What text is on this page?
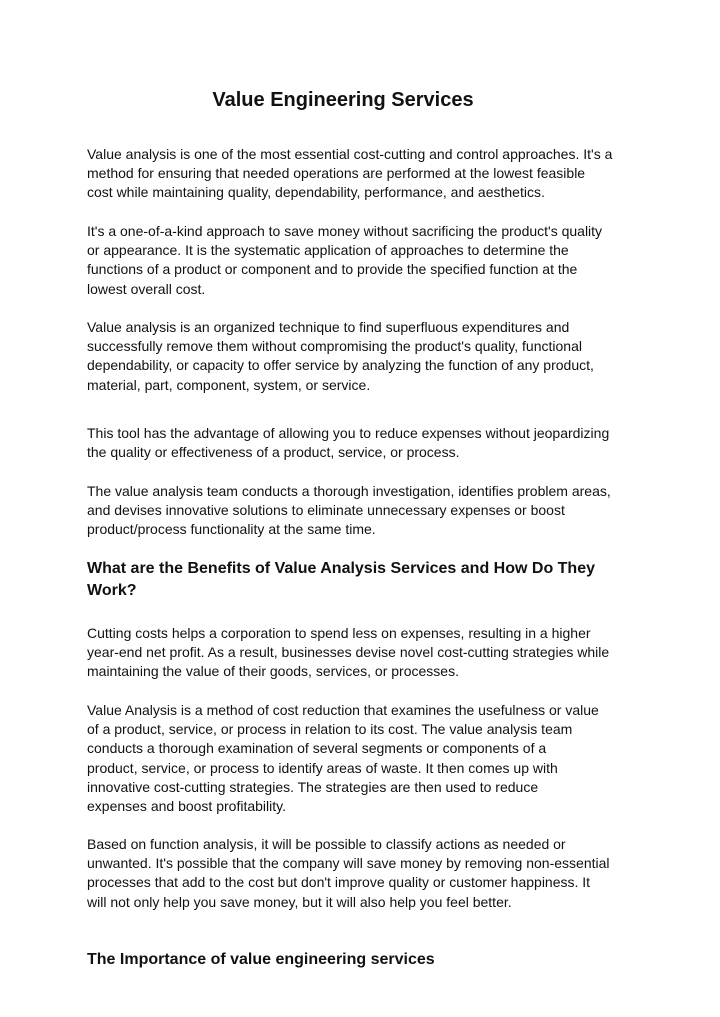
Value Engineering Services

Value analysis is one of the most essential cost-cutting and control approaches. It's a
method for ensuring that needed operations are performed at the lowest feasible
cost while maintaining quality, dependability, performance, and aesthetics.

It's a one-of-a-kind approach to save money without sacrificing the product's quality
or appearance. It is the systematic application of approaches to determine the
functions of a product or component and to provide the specified function at the
lowest overall cost.

Value analysis is an organized technique to find superfluous expenditures and
successfully remove them without compromising the product's quality, functional
dependability, or capacity to offer service by analyzing the function of any product,
material, part, component, system, or service.

This tool has the advantage of allowing you to reduce expenses without jeopardizing
the quality or effectiveness of a product, service, or process.

The value analysis team conducts a thorough investigation, identifies problem areas,
and devises innovative solutions to eliminate unnecessary expenses or boost
product/process functionality at the same time.

What are the Benefits of Value Analysis Services and How Do They
Work?

Cutting costs helps a corporation to spend less on expenses, resulting in a higher
year-end net profit. As a result, businesses devise novel cost-cutting strategies while
maintaining the value of their goods, services, or processes.

Value Analysis is a method of cost reduction that examines the usefulness or value
of a product, service, or process in relation to its cost. The value analysis team
conducts a thorough examination of several segments or components of a
product, service, or process to identify areas of waste. It then comes up with
innovative cost-cutting strategies. The strategies are then used to reduce
expenses and boost profitability.

Based on function analysis, it will be possible to classify actions as needed or
unwanted. It's possible that the company will save money by removing non-essential
processes that add to the cost but don't improve quality or customer happiness. It
will not only help you save money, but it will also help you feel better.

The Importance of value engineering services
